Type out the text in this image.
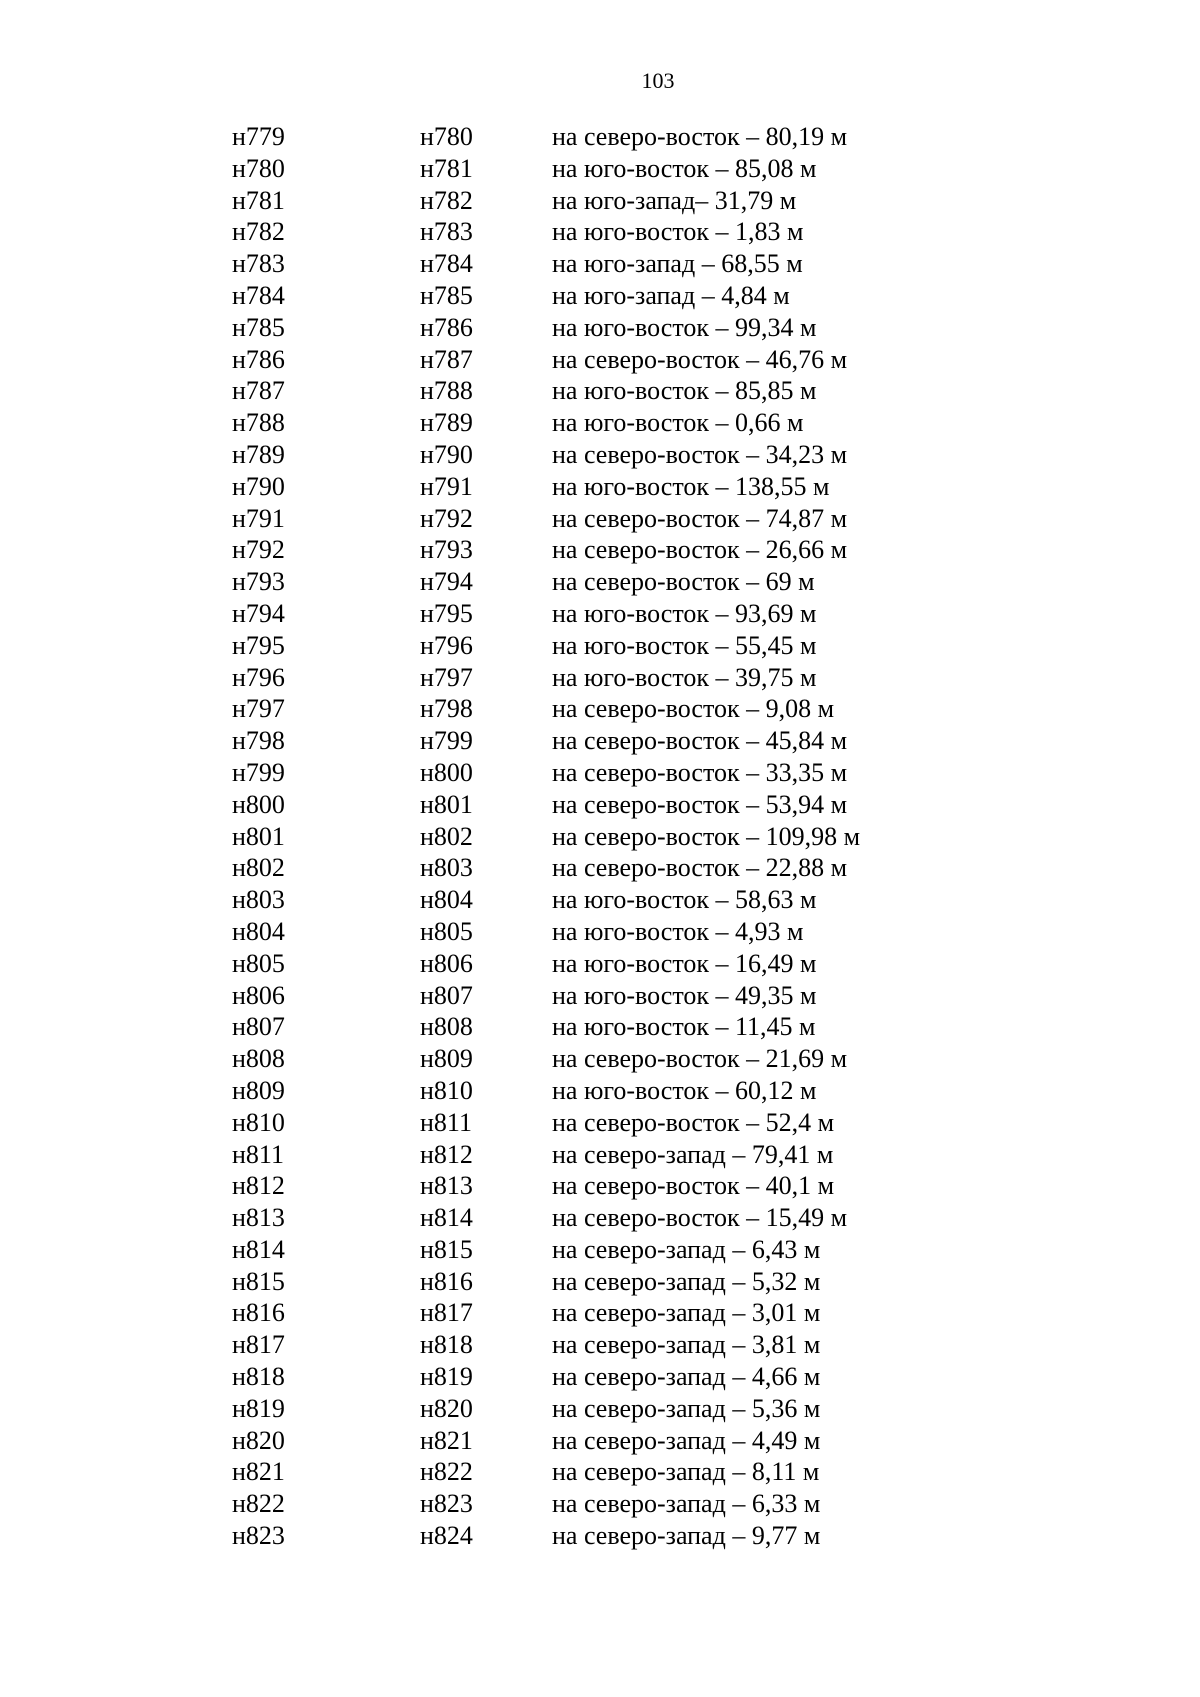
103
н779	н780	на северо-восток – 80,19 м
н780	н781	на юго-восток – 85,08 м
н781	н782	на юго-запад– 31,79 м
н782	н783	на юго-восток – 1,83 м
н783	н784	на юго-запад – 68,55 м
н784	н785	на юго-запад – 4,84 м
н785	н786	на юго-восток – 99,34 м
н786	н787	на северо-восток – 46,76 м
н787	н788	на юго-восток – 85,85 м
н788	н789	на юго-восток – 0,66 м
н789	н790	на северо-восток – 34,23 м
н790	н791	на юго-восток – 138,55 м
н791	н792	на северо-восток – 74,87 м
н792	н793	на северо-восток – 26,66 м
н793	н794	на северо-восток – 69 м
н794	н795	на юго-восток – 93,69 м
н795	н796	на юго-восток – 55,45 м
н796	н797	на юго-восток – 39,75 м
н797	н798	на северо-восток – 9,08 м
н798	н799	на северо-восток – 45,84 м
н799	н800	на северо-восток – 33,35 м
н800	н801	на северо-восток – 53,94 м
н801	н802	на северо-восток – 109,98 м
н802	н803	на северо-восток – 22,88 м
н803	н804	на юго-восток – 58,63 м
н804	н805	на юго-восток – 4,93 м
н805	н806	на юго-восток – 16,49 м
н806	н807	на юго-восток – 49,35 м
н807	н808	на юго-восток – 11,45 м
н808	н809	на северо-восток – 21,69 м
н809	н810	на юго-восток – 60,12 м
н810	н811	на северо-восток – 52,4 м
н811	н812	на северо-запад – 79,41 м
н812	н813	на северо-восток – 40,1 м
н813	н814	на северо-восток – 15,49 м
н814	н815	на северо-запад – 6,43 м
н815	н816	на северо-запад – 5,32 м
н816	н817	на северо-запад – 3,01 м
н817	н818	на северо-запад – 3,81 м
н818	н819	на северо-запад – 4,66 м
н819	н820	на северо-запад – 5,36 м
н820	н821	на северо-запад – 4,49 м
н821	н822	на северо-запад – 8,11 м
н822	н823	на северо-запад – 6,33 м
н823	н824	на северо-запад – 9,77 м
